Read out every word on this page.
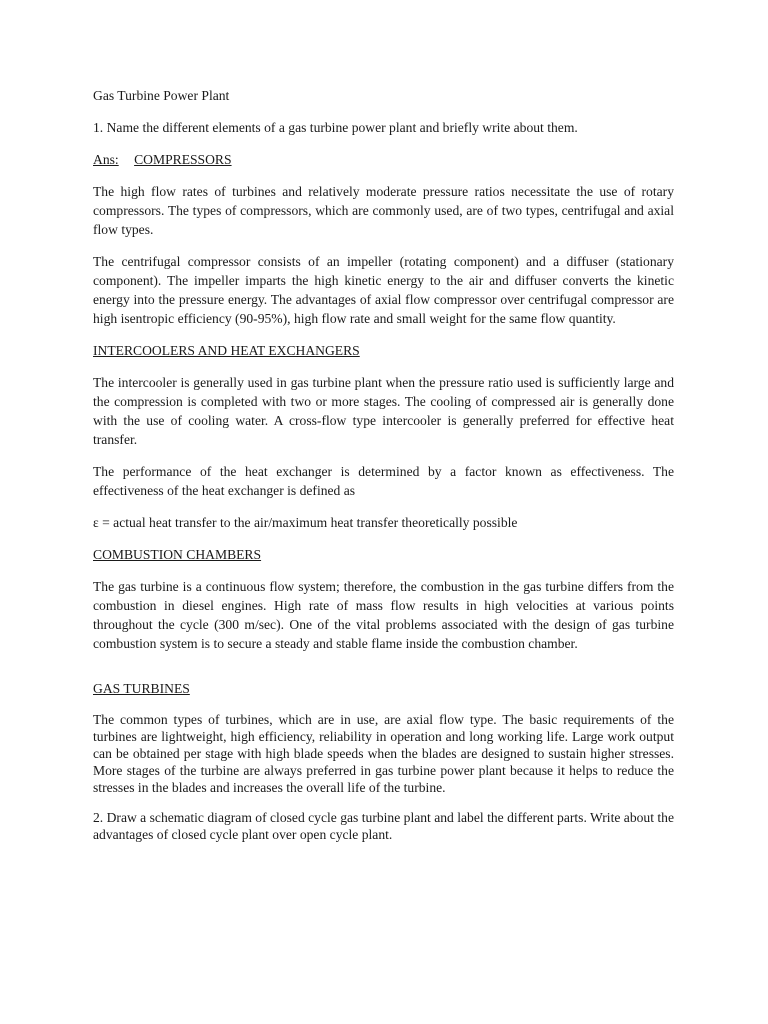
Gas Turbine Power Plant
1. Name the different elements of a gas turbine power plant and briefly write about them.
Ans: COMPRESSORS

The high flow rates of turbines and relatively moderate pressure ratios necessitate the use of rotary compressors. The types of compressors, which are commonly used, are of two types, centrifugal and axial flow types.

The centrifugal compressor consists of an impeller (rotating component) and a diffuser (stationary component). The impeller imparts the high kinetic energy to the air and diffuser converts the kinetic energy into the pressure energy. The advantages of axial flow compressor over centrifugal compressor are high isentropic efficiency (90-95%), high flow rate and small weight for the same flow quantity.

INTERCOOLERS AND HEAT EXCHANGERS

The intercooler is generally used in gas turbine plant when the pressure ratio used is sufficiently large and the compression is completed with two or more stages. The cooling of compressed air is generally done with the use of cooling water. A cross-flow type intercooler is generally preferred for effective heat transfer.

The performance of the heat exchanger is determined by a factor known as effectiveness. The effectiveness of the heat exchanger is defined as

ε = actual heat transfer to the air/maximum heat transfer theoretically possible
COMBUSTION CHAMBERS

The gas turbine is a continuous flow system; therefore, the combustion in the gas turbine differs from the combustion in diesel engines. High rate of mass flow results in high velocities at various points throughout the cycle (300 m/sec). One of the vital problems associated with the design of gas turbine combustion system is to secure a steady and stable flame inside the combustion chamber.

GAS TURBINES

The common types of turbines, which are in use, are axial flow type. The basic requirements of the turbines are lightweight, high efficiency, reliability in operation and long working life. Large work output can be obtained per stage with high blade speeds when the blades are designed to sustain higher stresses. More stages of the turbine are always preferred in gas turbine power plant because it helps to reduce the stresses in the blades and increases the overall life of the turbine.

2. Draw a schematic diagram of closed cycle gas turbine plant and label the different parts. Write about the advantages of closed cycle plant over open cycle plant.
